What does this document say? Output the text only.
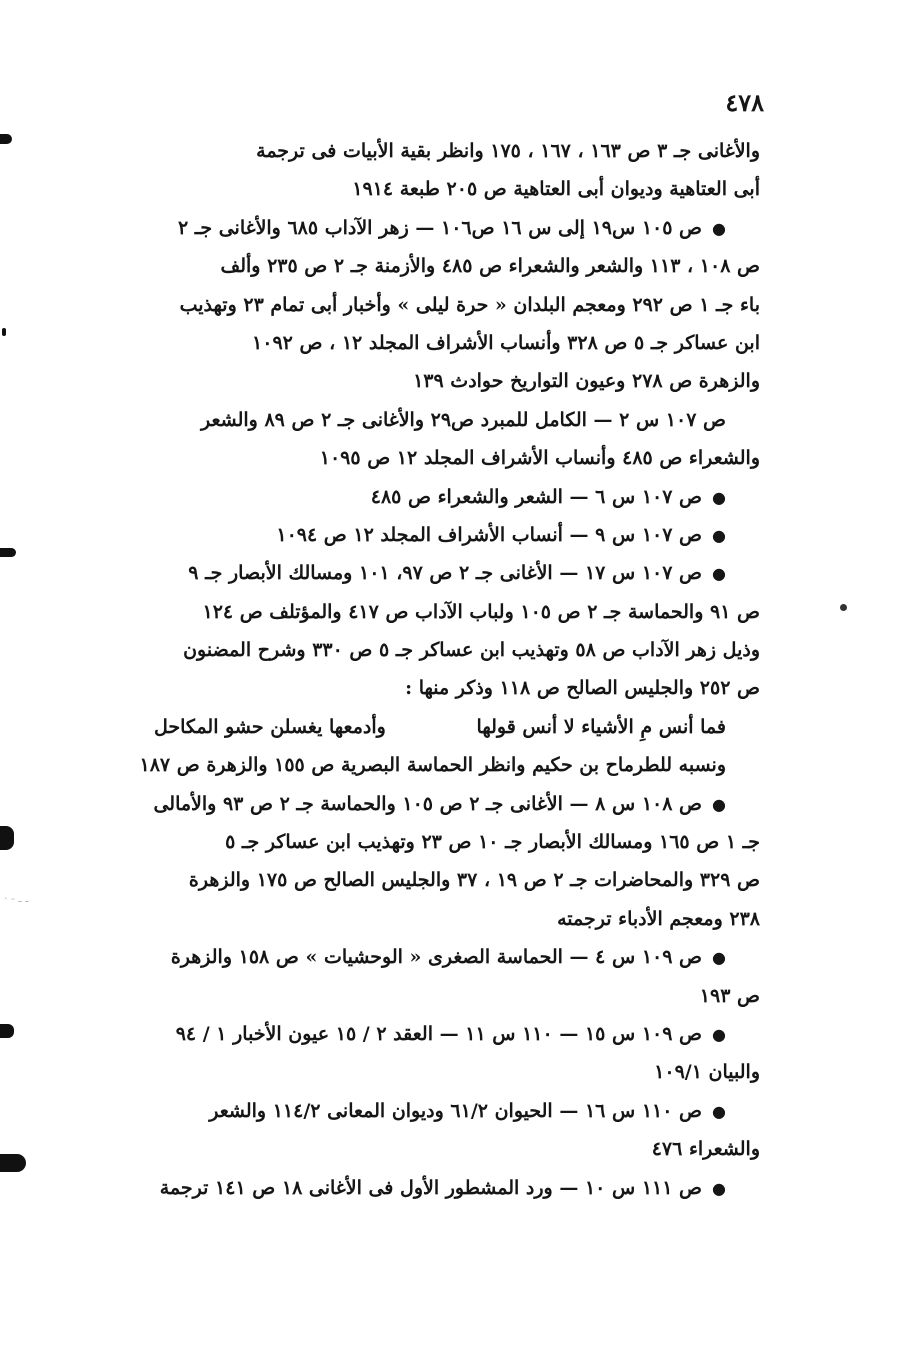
· - ـ ـ
٤٧٨
والأغانى جـ ٣ ص ١٦٣ ، ١٦٧ ، ١٧٥ وانظر بقية الأبيات فى ترجمة
أبى العتاهية وديوان أبى العتاهية ص ٢٠٥ طبعة ١٩١٤
●ص ١٠٥ س١٩ إلى س ١٦ ص١٠٦ — زهر الآداب ٦٨٥ والأغانى جـ ٢
ص ١٠٨ ، ١١٣ والشعر والشعراء ص ٤٨٥ والأزمنة جـ ٢ ص ٢٣٥ وألف
باء جـ ١ ص ٢٩٢ ومعجم البلدان « حرة ليلى » وأخبار أبى تمام ٢٣ وتهذيب
ابن عساكر جـ ٥ ص ٣٢٨ وأنساب الأشراف المجلد ١٢ ، ص ١٠٩٢
والزهرة ص ٢٧٨ وعيون التواريخ حوادث ١٣٩
ص ١٠٧ س ٢ — الكامل للمبرد ص٢٩ والأغانى جـ ٢ ص ٨٩ والشعر
والشعراء ص ٤٨٥ وأنساب الأشراف المجلد ١٢ ص ١٠٩٥
●ص ١٠٧ س ٦ — الشعر والشعراء ص ٤٨٥
●ص ١٠٧ س ٩ — أنساب الأشراف المجلد ١٢ ص ١٠٩٤
●ص ١٠٧ س ١٧ — الأغانى جـ ٢ ص ٩٧، ١٠١ ومسالك الأبصار جـ ٩
ص ٩١ والحماسة جـ ٢ ص ١٠٥ ولباب الآداب ص ٤١٧ والمؤتلف ص ١٢٤
وذيل زهر الآداب ص ٥٨ وتهذيب ابن عساكر جـ ٥ ص ٣٣٠ وشرح المضنون
ص ٢٥٢ والجليس الصالح ص ١١٨ وذكر منها :
فما أنس مِ الأشياء لا أنس قولها
وأدمعها يغسلن حشو المكاحل
ونسبه للطرماح بن حكيم وانظر الحماسة البصرية ص ١٥٥ والزهرة ص ١٨٧
●ص ١٠٨ س ٨ — الأغانى جـ ٢ ص ١٠٥ والحماسة جـ ٢ ص ٩٣ والأمالى
جـ ١ ص ١٦٥ ومسالك الأبصار جـ ١٠ ص ٢٣ وتهذيب ابن عساكر جـ ٥
ص ٣٢٩ والمحاضرات جـ ٢ ص ١٩ ، ٣٧ والجليس الصالح ص ١٧٥ والزهرة
٢٣٨ ومعجم الأدباء ترجمته
●ص ١٠٩ س ٤ — الحماسة الصغرى « الوحشيات » ص ١٥٨ والزهرة
ص ١٩٣
●ص ١٠٩ س ١٥ — ١١٠ س ١١ — العقد ٢ / ١٥ عيون الأخبار ١ / ٩٤
والبيان ١٠٩/١
●ص ١١٠ س ١٦ — الحيوان ٦١/٢ وديوان المعانى ١١٤/٢ والشعر
والشعراء ٤٧٦
●ص ١١١ س ١٠ — ورد المشطور الأول فى الأغانى ١٨ ص ١٤١ ترجمة
